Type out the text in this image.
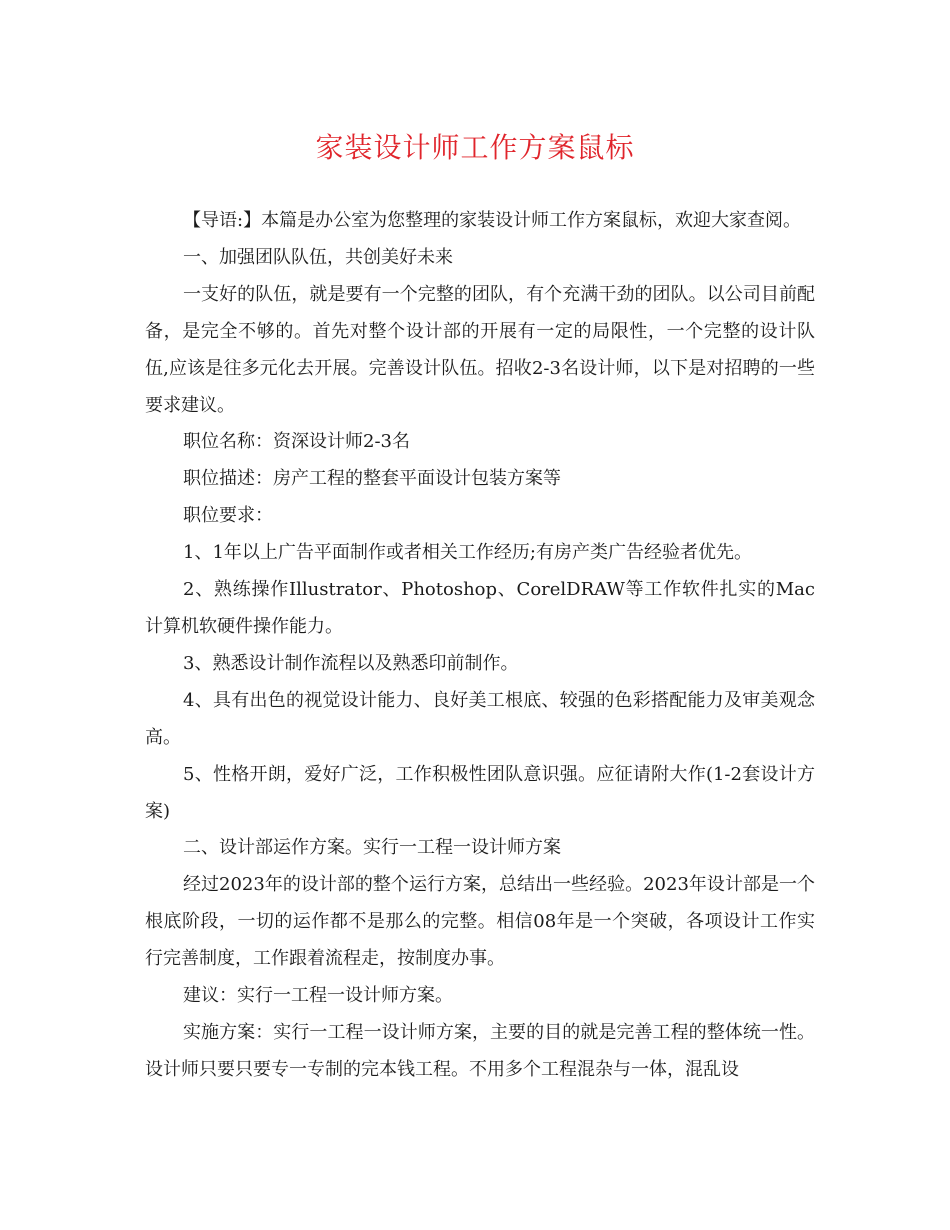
家装设计师工作方案鼠标

【导语:】本篇是办公室为您整理的家装设计师工作方案鼠标，欢迎大家查阅。

一、加强团队队伍，共创美好未来

一支好的队伍，就是要有一个完整的团队，有个充满干劲的团队。以公司目前配备，是完全不够的。首先对整个设计部的开展有一定的局限性，一个完整的设计队伍,应该是往多元化去开展。完善设计队伍。招收2-3名设计师，以下是对招聘的一些要求建议。

职位名称：资深设计师2-3名

职位描述：房产工程的整套平面设计包装方案等

职位要求：

1、1年以上广告平面制作或者相关工作经历;有房产类广告经验者优先。

2、熟练操作Illustrator、Photoshop、CorelDRAW等工作软件扎实的Mac计算机软硬件操作能力。

3、熟悉设计制作流程以及熟悉印前制作。

4、具有出色的视觉设计能力、良好美工根底、较强的色彩搭配能力及审美观念高。

5、性格开朗，爱好广泛，工作积极性团队意识强。应征请附大作(1-2套设计方案)

二、设计部运作方案。实行一工程一设计师方案

经过2023年的设计部的整个运行方案，总结出一些经验。2023年设计部是一个根底阶段，一切的运作都不是那么的完整。相信08年是一个突破，各项设计工作实行完善制度，工作跟着流程走，按制度办事。

建议：实行一工程一设计师方案。

实施方案：实行一工程一设计师方案，主要的目的就是完善工程的整体统一性。设计师只要只要专一专制的完本钱工程。不用多个工程混杂与一体，混乱设
